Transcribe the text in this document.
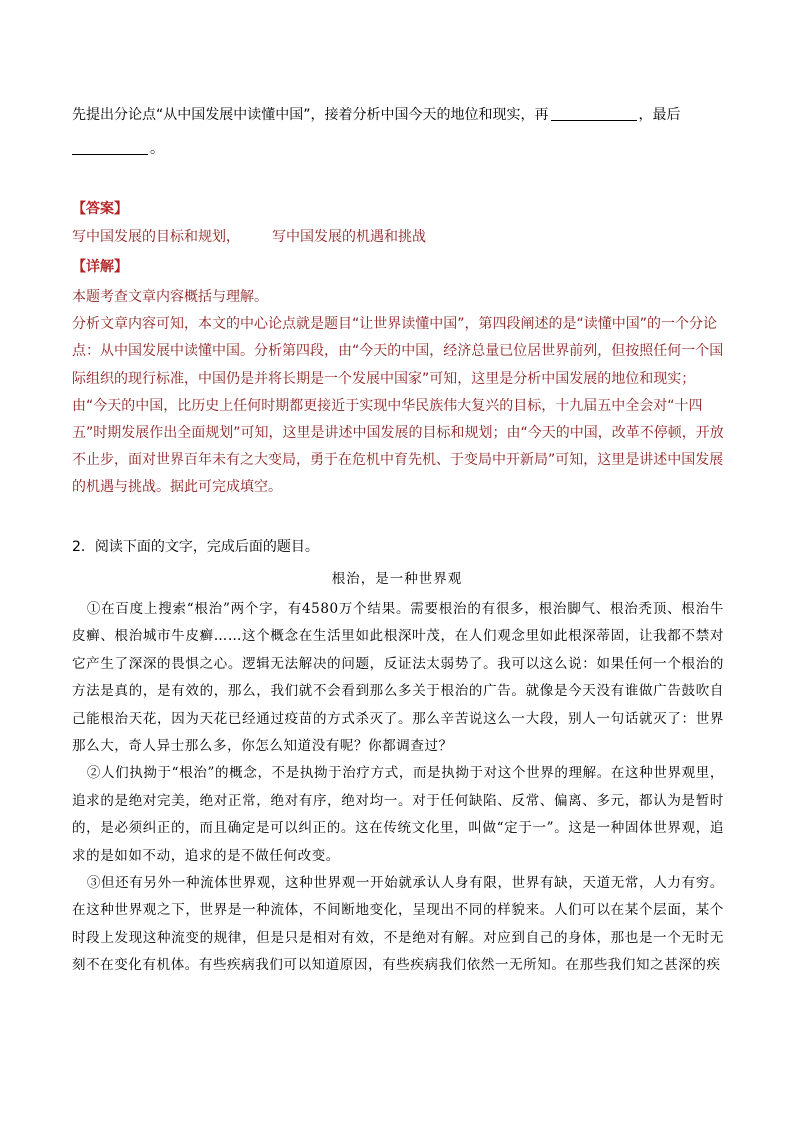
先提出分论点“从中国发展中读懂中国”，接着分析中国今天的地位和现实，再	，最后
。
【答案】
写中国发展的目标和规划， 写中国发展的机遇和挑战
【详解】

本题考查文章内容概括与理解。

分析文章内容可知，本文的中心论点就是题目“让世界读懂中国”，第四段阐述的是“读懂中国”的一个分论点：从中国发展中读懂中国。分析第四段，由“今天的中国，经济总量已位居世界前列，但按照任何一个国际组织的现行标准，中国仍是并将长期是一个发展中国家”可知，这里是分析中国发展的地位和现实；由“今天的中国，比历史上任何时期都更接近于实现中华民族伟大复兴的目标，十九届五中全会对“十四五”时期发展作出全面规划”可知，这里是讲述中国发展的目标和规划；由“今天的中国，改革不停顿，开放不止步，面对世界百年未有之大变局，勇于在危机中育先机、于变局中开新局”可知，这里是讲述中国发展的机遇与挑战。据此可完成填空。

2．阅读下面的文字，完成后面的题目。
根治，是一种世界观

①在百度上搜索“根治”两个字，有4580万个结果。需要根治的有很多，根治脚气、根治秃顶、根治牛皮癣、根治城市牛皮癣……这个概念在生活里如此根深叶茂，在人们观念里如此根深蒂固，让我都不禁对它产生了深深的畏惧之心。逻辑无法解决的问题，反证法太弱势了。我可以这么说：如果任何一个根治的方法是真的，是有效的，那么，我们就不会看到那么多关于根治的广告。就像是今天没有谁做广告鼓吹自己能根治天花，因为天花已经通过疫苗的方式杀灭了。那么辛苦说这么一大段，别人一句话就灭了：世界那么大，奇人异士那么多，你怎么知道没有呢？你都调查过？

②人们执拗于“根治”的概念，不是执拗于治疗方式，而是执拗于对这个世界的理解。在这种世界观里，追求的是绝对完美，绝对正常，绝对有序，绝对均一。对于任何缺陷、反常、偏离、多元，都认为是暂时的，是必须纠正的，而且确定是可以纠正的。这在传统文化里，叫做“定于一”。这是一种固体世界观，追求的是如如不动，追求的是不做任何改变。

③但还有另外一种流体世界观，这种世界观一开始就承认人身有限，世界有缺，天道无常，人力有穷。在这种世界观之下，世界是一种流体，不间断地变化，呈现出不同的样貌来。人们可以在某个层面，某个时段上发现这种流变的规律，但是只是相对有效，不是绝对有解。对应到自己的身体，那也是一个无时无刻不在变化有机体。有些疾病我们可以知道原因，有些疾病我们依然一无所知。在那些我们知之甚深的疾
